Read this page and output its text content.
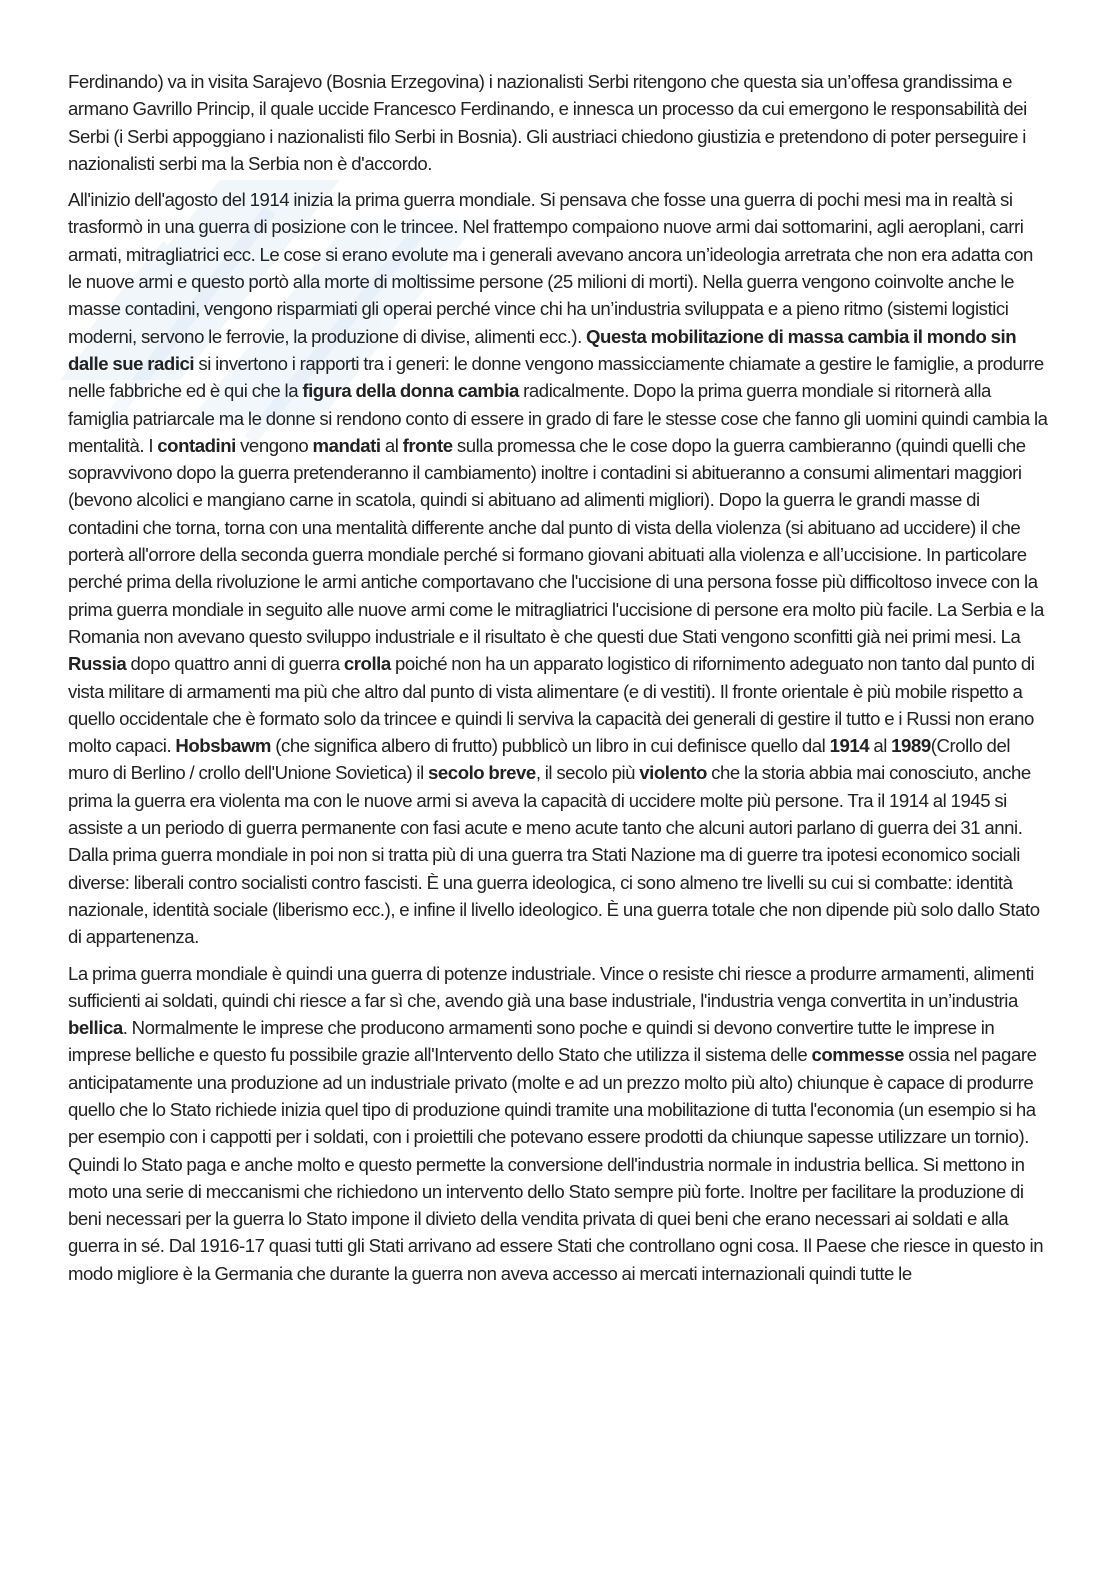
Ferdinando) va in visita Sarajevo (Bosnia Erzegovina) i nazionalisti Serbi ritengono che questa sia un’offesa grandissima e armano Gavrillo Princip, il quale uccide Francesco Ferdinando, e innesca un processo da cui emergono le responsabilità dei Serbi (i Serbi appoggiano i nazionalisti filo Serbi in Bosnia). Gli austriaci chiedono giustizia e pretendono di poter perseguire i nazionalisti serbi ma la Serbia non è d'accordo.

All'inizio dell'agosto del 1914 inizia la prima guerra mondiale. Si pensava che fosse una guerra di pochi mesi ma in realtà si trasformò in una guerra di posizione con le trincee. Nel frattempo compaiono nuove armi dai sottomarini, agli aeroplani, carri armati, mitragliatrici ecc. Le cose si erano evolute ma i generali avevano ancora un’ideologia arretrata che non era adatta con le nuove armi e questo portò alla morte di moltissime persone (25 milioni di morti). Nella guerra vengono coinvolte anche le masse contadini, vengono risparmiati gli operai perché vince chi ha un’industria sviluppata e a pieno ritmo (sistemi logistici moderni, servono le ferrovie, la produzione di divise, alimenti ecc.). Questa mobilitazione di massa cambia il mondo sin dalle sue radici si invertono i rapporti tra i generi: le donne vengono massicciamente chiamate a gestire le famiglie, a produrre nelle fabbriche ed è qui che la figura della donna cambia radicalmente. Dopo la prima guerra mondiale si ritornerà alla famiglia patriarcale ma le donne si rendono conto di essere in grado di fare le stesse cose che fanno gli uomini quindi cambia la mentalità. I contadini vengono mandati al fronte sulla promessa che le cose dopo la guerra cambieranno (quindi quelli che sopravvivono dopo la guerra pretenderanno il cambiamento) inoltre i contadini si abitueranno a consumi alimentari maggiori (bevono alcolici e mangiano carne in scatola, quindi si abituano ad alimenti migliori). Dopo la guerra le grandi masse di contadini che torna, torna con una mentalità differente anche dal punto di vista della violenza (si abituano ad uccidere) il che porterà all'orrore della seconda guerra mondiale perché si formano giovani abituati alla violenza e all’uccisione. In particolare perché prima della rivoluzione le armi antiche comportavano che l'uccisione di una persona fosse più difficoltoso invece con la prima guerra mondiale in seguito alle nuove armi come le mitragliatrici l'uccisione di persone era molto più facile. La Serbia e la Romania non avevano questo sviluppo industriale e il risultato è che questi due Stati vengono sconfitti già nei primi mesi. La Russia dopo quattro anni di guerra crolla poiché non ha un apparato logistico di rifornimento adeguato non tanto dal punto di vista militare di armamenti ma più che altro dal punto di vista alimentare (e di vestiti). Il fronte orientale è più mobile rispetto a quello occidentale che è formato solo da trincee e quindi li serviva la capacità dei generali di gestire il tutto e i Russi non erano molto capaci. Hobsbawm (che significa albero di frutto) pubblicò un libro in cui definisce quello dal 1914 al 1989(Crollo del muro di Berlino / crollo dell'Unione Sovietica) il secolo breve, il secolo più violento che la storia abbia mai conosciuto, anche prima la guerra era violenta ma con le nuove armi si aveva la capacità di uccidere molte più persone. Tra il 1914 al 1945 si assiste a un periodo di guerra permanente con fasi acute e meno acute tanto che alcuni autori parlano di guerra dei 31 anni. Dalla prima guerra mondiale in poi non si tratta più di una guerra tra Stati Nazione ma di guerre tra ipotesi economico sociali diverse: liberali contro socialisti contro fascisti. È una guerra ideologica, ci sono almeno tre livelli su cui si combatte: identità nazionale, identità sociale (liberismo ecc.), e infine il livello ideologico. È una guerra totale che non dipende più solo dallo Stato di appartenenza.

La prima guerra mondiale è quindi una guerra di potenze industriale. Vince o resiste chi riesce a produrre armamenti, alimenti sufficienti ai soldati, quindi chi riesce a far sì che, avendo già una base industriale, l'industria venga convertita in un’industria bellica. Normalmente le imprese che producono armamenti sono poche e quindi si devono convertire tutte le imprese in imprese belliche e questo fu possibile grazie all'Intervento dello Stato che utilizza il sistema delle commesse ossia nel pagare anticipatamente una produzione ad un industriale privato (molte e ad un prezzo molto più alto) chiunque è capace di produrre quello che lo Stato richiede inizia quel tipo di produzione quindi tramite una mobilitazione di tutta l'economia (un esempio si ha per esempio con i cappotti per i soldati, con i proiettili che potevano essere prodotti da chiunque sapesse utilizzare un tornio). Quindi lo Stato paga e anche molto e questo permette la conversione dell'industria normale in industria bellica. Si mettono in moto una serie di meccanismi che richiedono un intervento dello Stato sempre più forte. Inoltre per facilitare la produzione di beni necessari per la guerra lo Stato impone il divieto della vendita privata di quei beni che erano necessari ai soldati e alla guerra in sé. Dal 1916-17 quasi tutti gli Stati arrivano ad essere Stati che controllano ogni cosa. Il Paese che riesce in questo in modo migliore è la Germania che durante la guerra non aveva accesso ai mercati internazionali quindi tutte le
